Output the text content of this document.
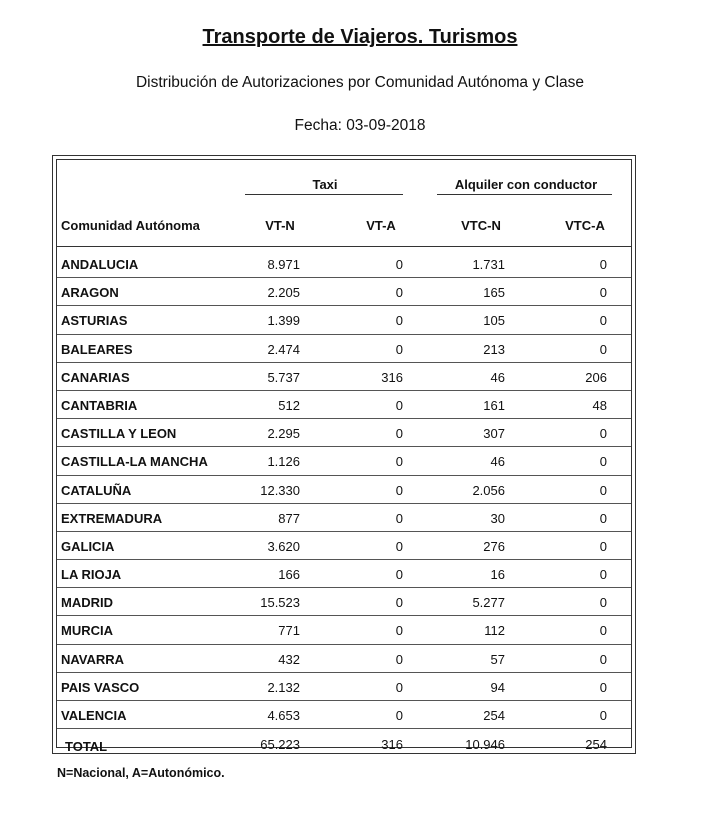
Transporte de Viajeros. Turismos
Distribución de Autorizaciones por Comunidad Autónoma y Clase
Fecha: 03-09-2018
Taxi	Alquiler con conductor
Comunidad Autónoma	VT-N	VT-A	VTC-N	VTC-A
ANDALUCIA	8.971	0	1.731	0
ARAGON	2.205	0	165	0
ASTURIAS	1.399	0	105	0
BALEARES	2.474	0	213	0
CANARIAS	5.737	316	46	206
CANTABRIA	512	0	161	48
CASTILLA Y LEON	2.295	0	307	0
CASTILLA-LA MANCHA	1.126	0	46	0
CATALUÑA	12.330	0	2.056	0
EXTREMADURA	877	0	30	0
GALICIA	3.620	0	276	0
LA RIOJA	166	0	16	0
MADRID	15.523	0	5.277	0
MURCIA	771	0	112	0
NAVARRA	432	0	57	0
PAIS VASCO	2.132	0	94	0
VALENCIA	4.653	0	254	0
TOTAL	65.223	316	10.946	254
N=Nacional, A=Autonómico.
